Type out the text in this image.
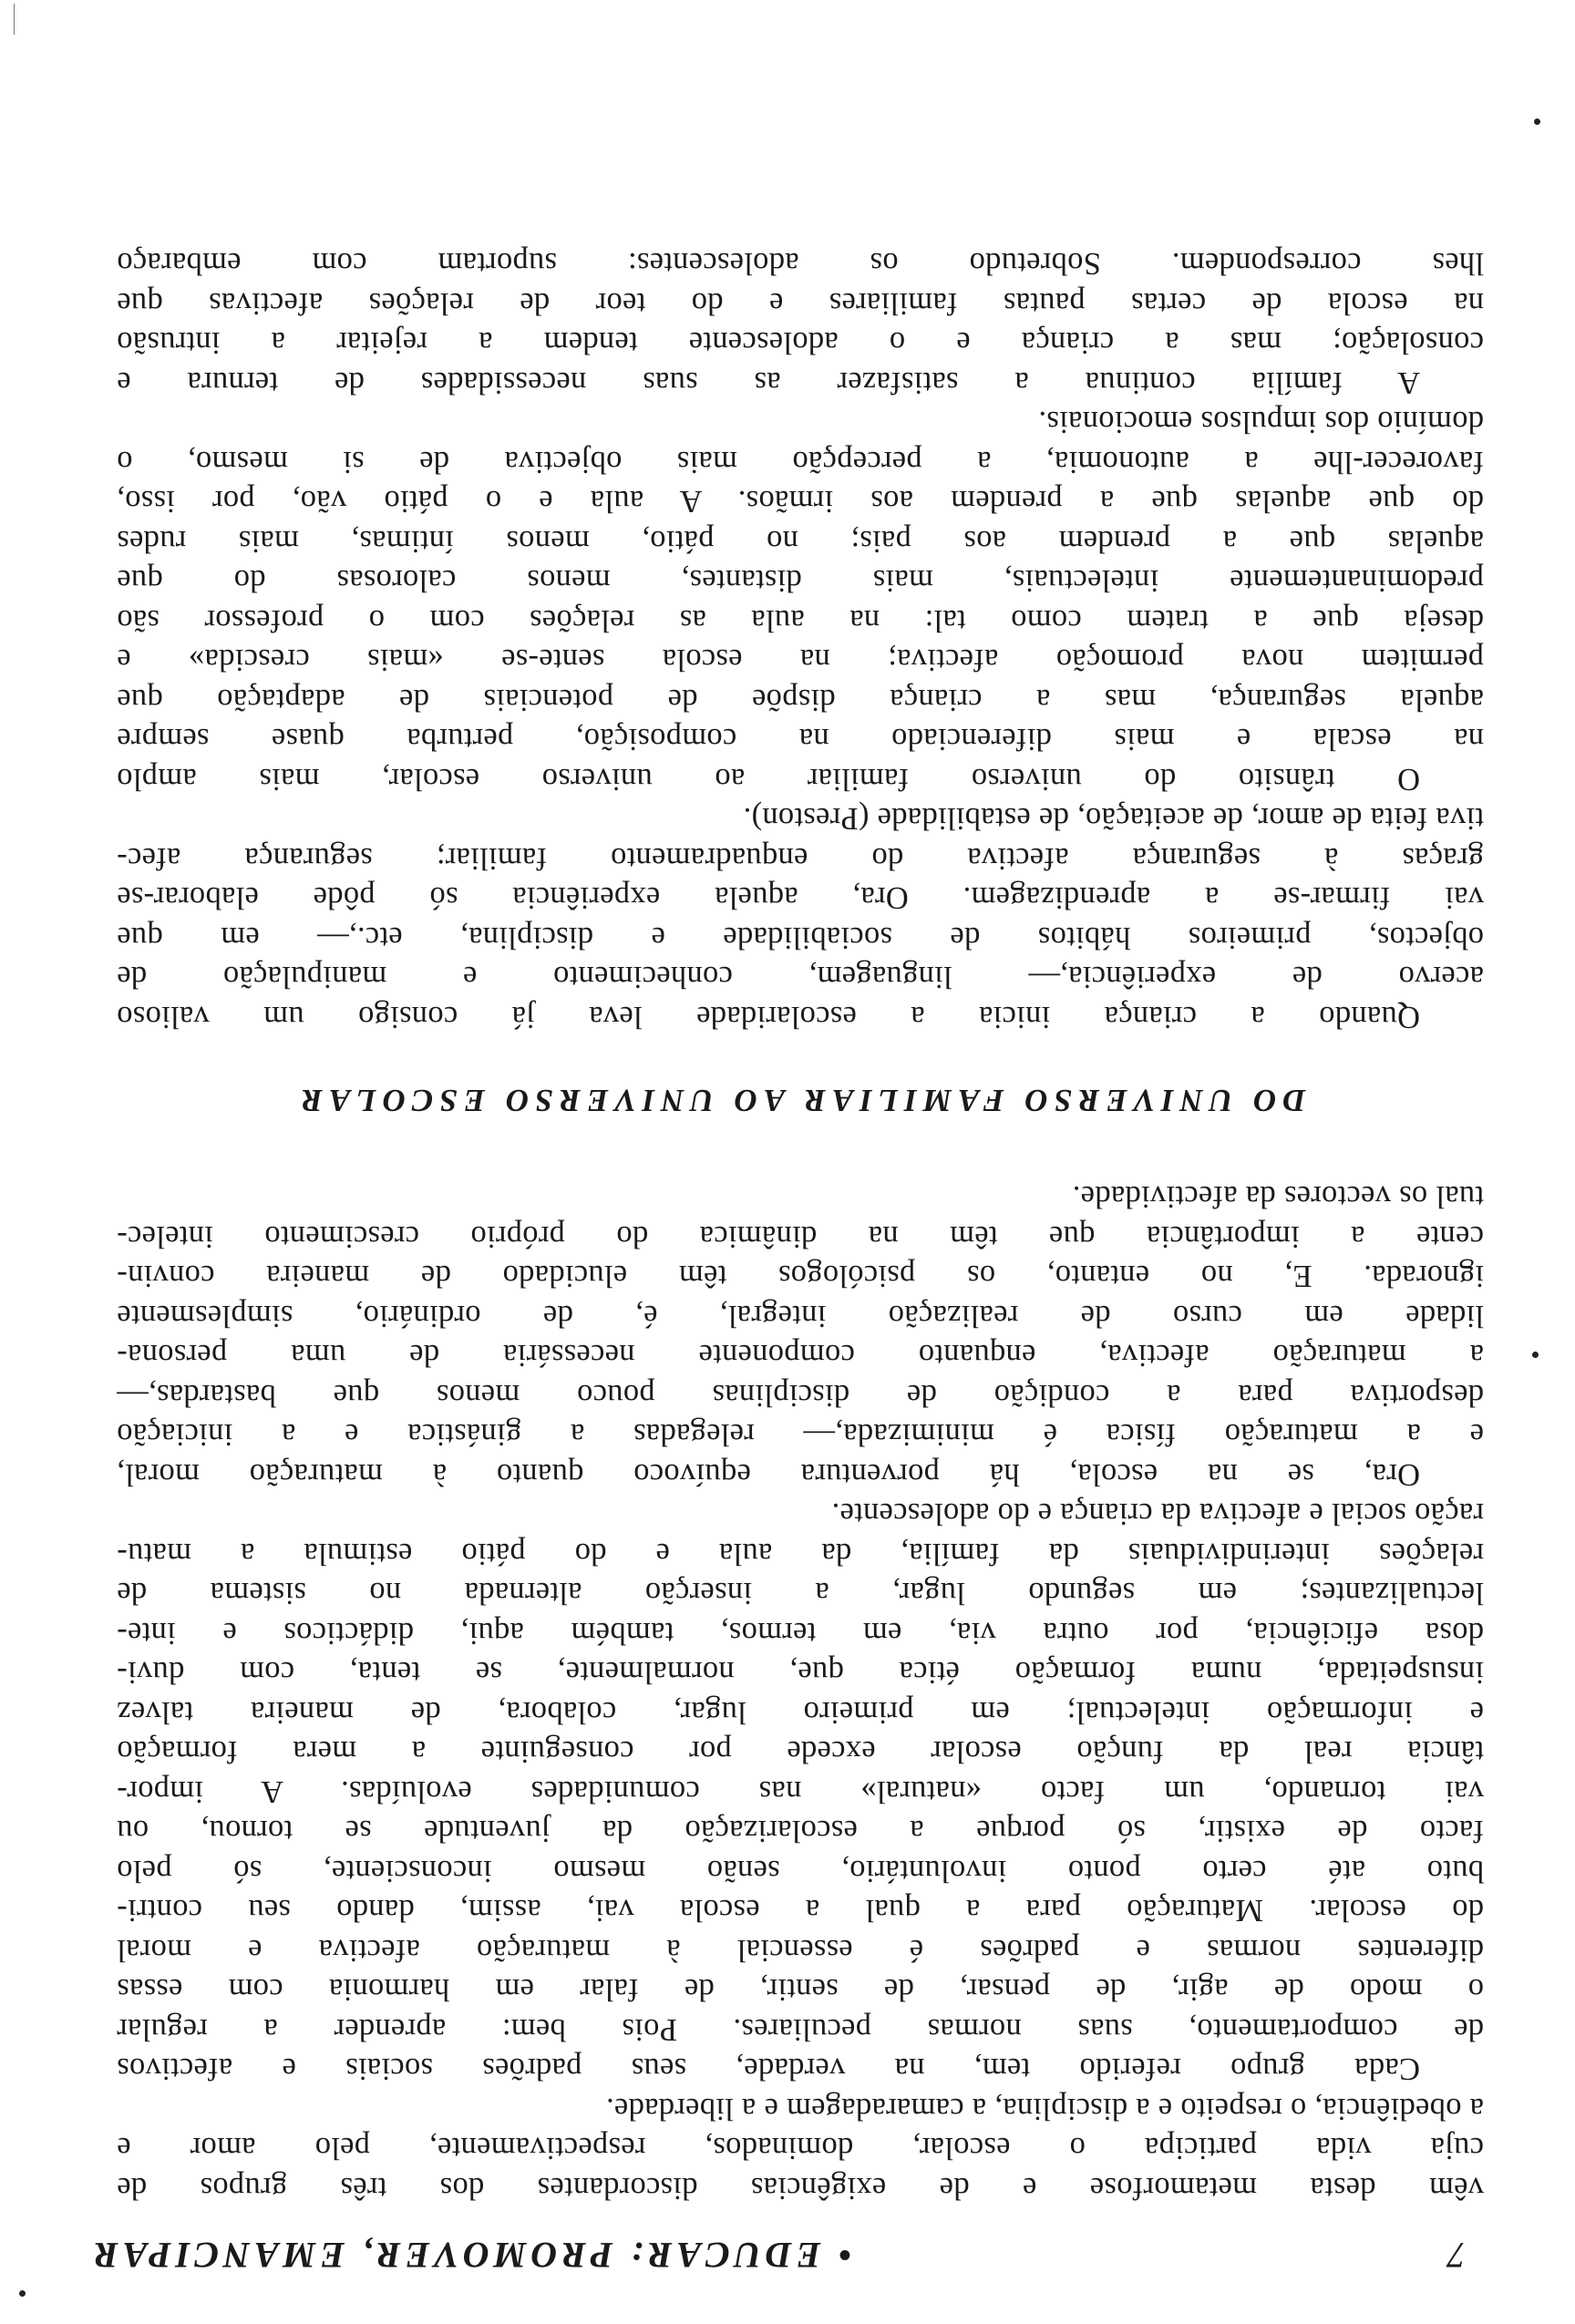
7
• EDUCAR: PROMOVER, EMANCIPAR

vêm desta metamorfose e de exigências discordantes dos três grupos de
cuja vida participa o escolar, dominados, respectivamente, pelo amor e
a obediência, o respeito e a disciplina, a camaradagem e a liberdade.

Cada grupo referido tem, na verdade, seus padrões sociais e afectivos
de comportamento, suas normas peculiares. Pois bem: aprender a regular
o modo de agir, de pensar, de sentir, de falar em harmonia com essas
diferentes normas e padrões é essencial à maturação afectiva e moral
do escolar. Maturação para a qual a escola vai, assim, dando seu contri-
buto até certo ponto involuntário, senão mesmo inconsciente, só pelo
facto de existir, só porque a escolarização da juventude se tornou, ou
vai tornando, um facto «natural» nas comunidades evoluídas. A impor-
tância real da função escolar excede por conseguinte a mera formação
e informação intelectual; em primeiro lugar, colabora, de maneira talvez
insuspeitada, numa formação ética que, normalmente, se tenta, com duvi-
dosa eficiência, por outra via, em termos, também aqui, didácticos e inte-
lectualizantes; em segundo lugar, a inserção alternada no sistema de
relações interindividuais da família, da aula e do pátio estimula a matu-
ração social e afectiva da criança e do adolescente.

Ora, se na escola, há porventura equívoco quanto à maturação moral,
e a maturação física é minimizada,— relegadas a ginástica e a iniciação
desportiva para a condição de disciplinas pouco menos que bastardas,—
a maturação afectiva, enquanto componente necessária de uma persona-
lidade em curso de realização integral, é, de ordinário, simplesmente
ignorada. E, no entanto, os psicólogos têm elucidado de maneira convin-
cente a importância que têm na dinâmica do próprio crescimento intelec-
tual os vectores da afectividade.

DO UNIVERSO FAMILIAR AO UNIVERSO ESCOLAR

Quando a criança inicia a escolaridade leva já consigo um valioso
acervo de experiência,— linguagem, conhecimento e manipulação de
objectos, primeiros hábitos de sociabilidade e disciplina, etc.,— em que
vai firmar-se a aprendizagem. Ora, aquela experiência só pôde elaborar-se
graças à segurança afectiva do enquadramento familiar; segurança afec-
tiva feita de amor, de aceitação, de estabilidade (Preston).

O trânsito do universo familiar ao universo escolar, mais amplo
na escala e mais diferenciado na composição, perturba quase sempre
aquela segurança, mas a criança dispõe de potenciais de adaptação que
permitem nova promoção afectiva; na escola sente-se «mais crescida» e
deseja que a tratem como tal: na aula as relações com o professor são
predominantemente intelectuais, mais distantes, menos calorosas do que
aquelas que a prendem aos pais; no pátio, menos íntimas, mais rudes
do que aquelas que a prendem aos irmãos. A aula e o pátio vão, por isso,
favorecer-lhe a autonomia, a percepção mais objectiva de si mesmo, o
domínio dos impulsos emocionais.

A família continua a satisfazer as suas necessidades de ternura e
consolação; mas a criança e o adolescente tendem a rejeitar a intrusão
na escola de certas pautas familiares e do teor de relações afectivas que
lhes correspondem. Sobretudo os adolescentes: suportam com embaraço
